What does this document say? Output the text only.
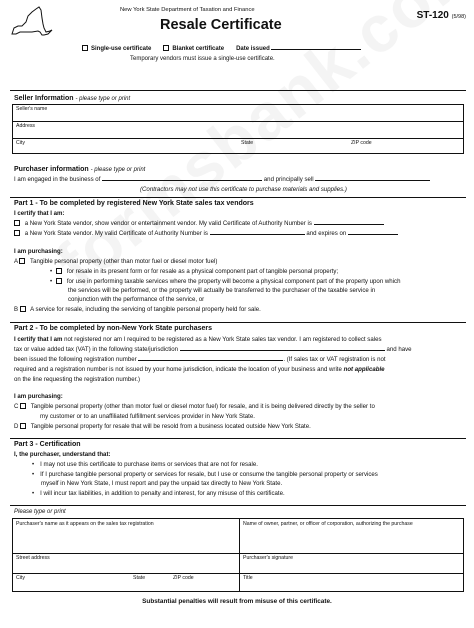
New York State Department of Taxation and Finance
Resale Certificate
ST-120 (5/98)
Single-use certificate	Blanket certificate Date issued
Temporary vendors must issue a single-use certificate.
Seller Information - please type or print
Seller's name
Address
City	State	ZIP code
Purchaser information - please type or print
I am engaged in the business of	and principally sell
(Contractors may not use this certificate to purchase materials and supplies.)
Part 1 - To be completed by registered New York State sales tax vendors
I certify that I am:
a New York State vendor, show vendor or entertainment vendor. My valid Certificate of Authority Number is
a New York State vendor. My valid Certificate of Authority Number is	and expires on
I am purchasing:
A Tangible personal property (other than motor fuel or diesel motor fuel)
• for resale in its present form or for resale as a physical component part of tangible personal property;
• for use in performing taxable services where the property will become a physical component part of the property upon which
the services will be performed, or the property will actually be transferred to the purchaser of the taxable service in
conjunction with the performance of the service, or
B A service for resale, including the servicing of tangible personal property held for sale.
Part 2 - To be completed by non-New York State purchasers
I certify that I am not registered nor am I required to be registered as a New York State sales tax vendor. I am registered to collect sales
tax or value added tax (VAT) in the following state/jurisdiction	and have
been issued the following registration number	. (If sales tax or VAT registration is not
required and a registration number is not issued by your home jurisdiction, indicate the location of your business and write not applicable
on the line requesting the registration number.)
I am purchasing:
C Tangible personal property (other than motor fuel or diesel motor fuel) for resale, and it is being delivered directly by the seller to
my customer or to an unaffiliated fulfillment services provider in New York State.
D Tangible personal property for resale that will be resold from a business located outside New York State.
Part 3 - Certification
I, the purchaser, understand that:
• I may not use this certificate to purchase items or services that are not for resale.
• If I purchase tangible personal property or services for resale, but I use or consume the tangible personal property or services
myself in New York State, I must report and pay the unpaid tax directly to New York State.
• I will incur tax liabilities, in addition to penalty and interest, for any misuse of this certificate.
Please type or print
Purchaser's name as it appears on the sales tax registration	Name of owner, partner, or officer of corporation, authorizing the purchase
Street address	Purchaser's signature
City	State	ZIP code	Title
Substantial penalties will result from misuse of this certificate.
